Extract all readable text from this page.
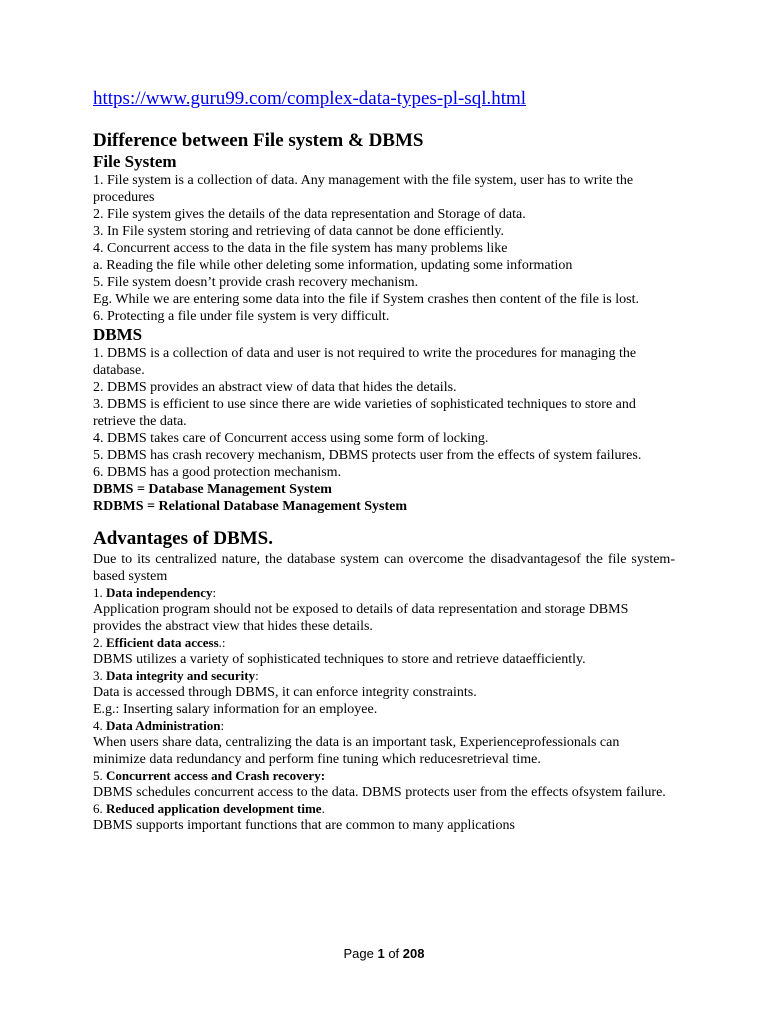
https://www.guru99.com/complex-data-types-pl-sql.html
Difference between File system & DBMS
File System

1. File system is a collection of data. Any management with the file system, user has to write the procedures

2. File system gives the details of the data representation and Storage of data.

3. In File system storing and retrieving of data cannot be done efficiently.

4. Concurrent access to the data in the file system has many problems like

a. Reading the file while other deleting some information, updating some information

5. File system doesn’t provide crash recovery mechanism.

Eg. While we are entering some data into the file if System crashes then content of the file is lost.

6. Protecting a file under file system is very difficult.

DBMS

1. DBMS is a collection of data and user is not required to write the procedures for managing the database.

2. DBMS provides an abstract view of data that hides the details.

3. DBMS is efficient to use since there are wide varieties of sophisticated techniques to store and retrieve the data.

4. DBMS takes care of Concurrent access using some form of locking.

5. DBMS has crash recovery mechanism, DBMS protects user from the effects of system failures.

6. DBMS has a good protection mechanism.

DBMS = Database Management System

RDBMS = Relational Database Management System

Advantages of DBMS.

Due to its centralized nature, the database system can overcome the disadvantagesof the file system-based system

1. Data independency:

Application program should not be exposed to details of data representation and storage DBMS provides the abstract view that hides these details.

2. Efficient data access.:

DBMS utilizes a variety of sophisticated techniques to store and retrieve dataefficiently.

3. Data integrity and security:

Data is accessed through DBMS, it can enforce integrity constraints.

E.g.: Inserting salary information for an employee.

4. Data Administration:

When users share data, centralizing the data is an important task, Experienceprofessionals can minimize data redundancy and perform fine tuning which reducesretrieval time.

5. Concurrent access and Crash recovery:

DBMS schedules concurrent access to the data. DBMS protects user from the effects ofsystem failure.

6. Reduced application development time.

DBMS supports important functions that are common to many applications

Page 1 of 208
